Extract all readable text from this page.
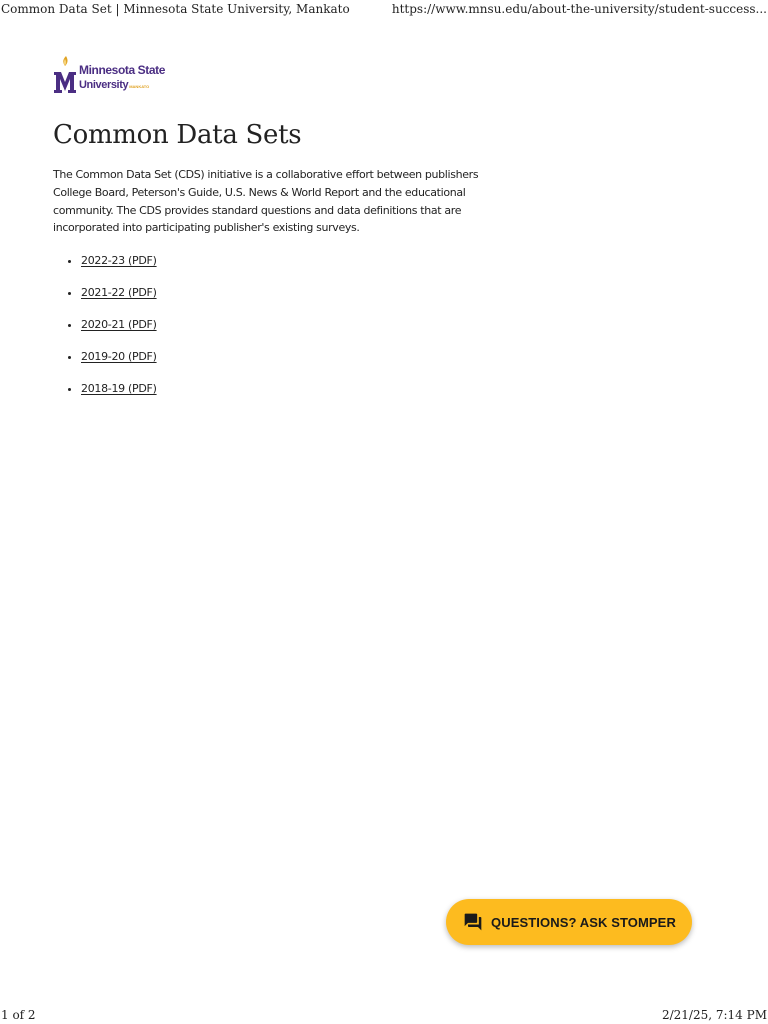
Common Data Set | Minnesota State University, Mankato	https://www.mnsu.edu/about-the-university/student-success...
Minnesota State
UniversityMANKATO
Common Data Sets

The Common Data Set (CDS) initiative is a collaborative effort between publishers College Board, Peterson's Guide, U.S. News & World Report and the educational community. The CDS provides standard questions and data definitions that are incorporated into participating publisher's existing surveys.

• 2022-23 (PDF)
• 2021-22 (PDF)
• 2020-21 (PDF)
• 2019-20 (PDF)
• 2018-19 (PDF)
QUESTIONS? ASK STOMPER
1 of 2	2/21/25, 7:14 PM
